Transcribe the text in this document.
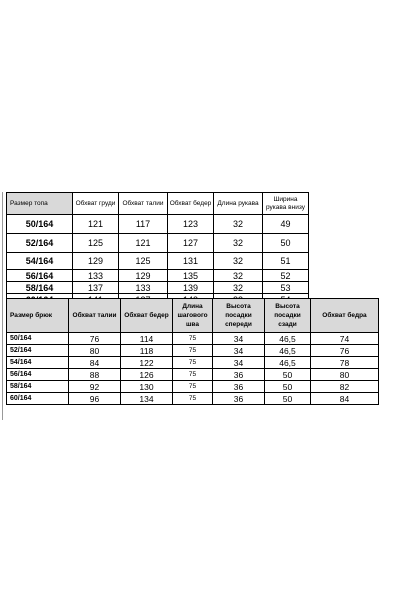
Размер топа	Обхват груди	Обхват талии	Обхват бедер	Длина рукава	Ширина рукава внизу
50/164	121	117	123	32	49
52/164	125	121	127	32	50
54/164	129	125	131	32	51
56/164	133	129	135	32	52
58/164	137	133	139	32	53

Размер брюк	Обхват талии	Обхват бедер	Длина шагового шва	Высота посадки спереди	Высота посадки сзади	Обхват бедра
50/164	76	114	75	34	46,5	74
52/164	80	118	75	34	46,5	76
54/164	84	122	75	34	46,5	78
56/164	88	126	75	36	50	80
58/164	92	130	75	36	50	82
60/164	96	134	75	36	50	84
